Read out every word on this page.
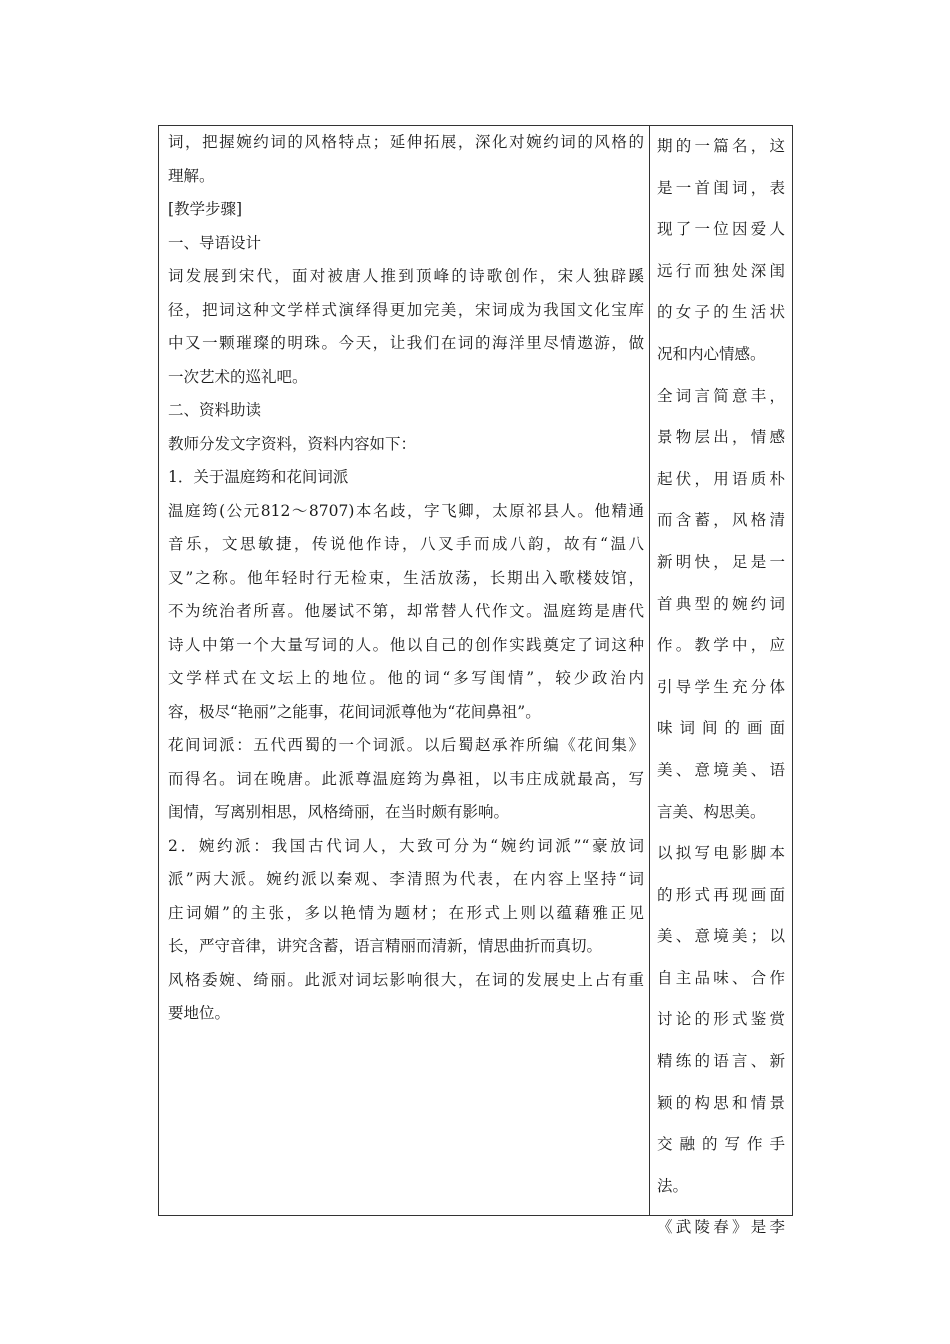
词，把握婉约词的风格特点；延伸拓展，深化对婉约词的风格的
理解。
[教学步骤]
一、导语设计
词发展到宋代，面对被唐人推到顶峰的诗歌创作，宋人独辟蹊
径，把词这种文学样式演绎得更加完美，宋词成为我国文化宝库
中又一颗璀璨的明珠。今天，让我们在词的海洋里尽情遨游，做
一次艺术的巡礼吧。
二、资料助读
教师分发文字资料，资料内容如下：
1．关于温庭筠和花间词派
温庭筠(公元812～8707)本名歧，字飞卿，太原祁县人。他精通
音乐，文思敏捷，传说他作诗，八叉手而成八韵，故有“温八
叉”之称。他年轻时行无检束，生活放荡，长期出入歌楼妓馆，
不为统治者所喜。他屡试不第，却常替人代作文。温庭筠是唐代
诗人中第一个大量写词的人。他以自己的创作实践奠定了词这种
文学样式在文坛上的地位。他的词“多写闺情”，较少政治内
容，极尽“艳丽”之能事，花间词派尊他为“花间鼻祖”。
花间词派：五代西蜀的一个词派。以后蜀赵承祚所编《花间集》
而得名。词在晚唐。此派尊温庭筠为鼻祖，以韦庄成就最高，写
闺情，写离别相思，风格绮丽，在当时颇有影响。
2．婉约派：我国古代词人，大致可分为“婉约词派”“豪放词
派”两大派。婉约派以秦观、李清照为代表，在内容上坚持“词
庄词媚”的主张，多以艳情为题材；在形式上则以蕴藉雅正见
长，严守音律，讲究含蓄，语言精丽而清新，情思曲折而真切。
风格委婉、绮丽。此派对词坛影响很大，在词的发展史上占有重
要地位。
期的一篇名，这
是一首闺词，表
现了一位因爱人
远行而独处深闺
的女子的生活状
况和内心情感。
全词言简意丰，
景物层出，情感
起伏，用语质朴
而含蓄，风格清
新明快，足是一
首典型的婉约词
作。教学中，应
引导学生充分体
味词间的画面
美、意境美、语
言美、构思美。
以拟写电影脚本
的形式再现画面
美、意境美；以
自主品味、合作
讨论的形式鉴赏
精练的语言、新
颖的构思和情景
交融的写作手
法。
《武陵春》是李
